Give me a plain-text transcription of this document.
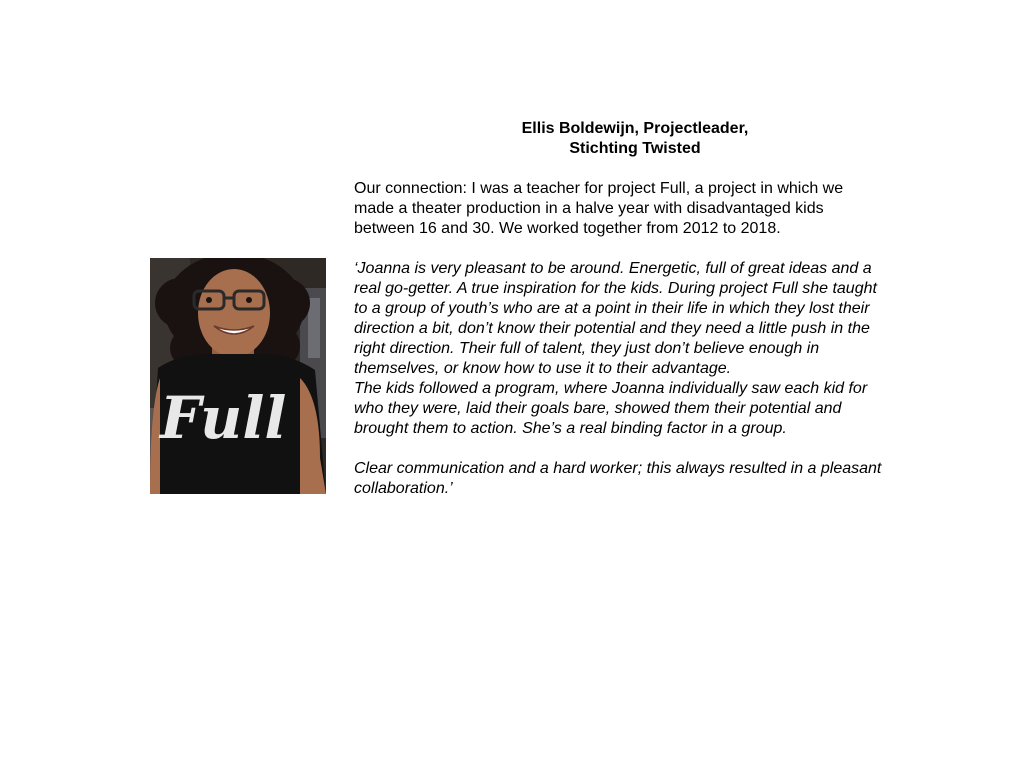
Full
Ellis Boldewijn, Projectleader,
Stichting Twisted

Our connection: I was a teacher for project Full, a project in which we
made a theater production in a halve year with disadvantaged kids
between 16 and 30. We worked together from 2012 to 2018.

‘Joanna is very pleasant to be around. Energetic, full of great ideas and a
real go-getter. A true inspiration for the kids. During project Full she taught
to a group of youth’s who are at a point in their life in which they lost their
direction a bit, don’t know their potential and they need a little push in the
right direction. Their full of talent, they just don’t believe enough in
themselves, or know how to use it to their advantage.
The kids followed a program, where Joanna individually saw each kid for
who they were, laid their goals bare, showed them their potential and
brought them to action. She’s a real binding factor in a group.

Clear communication and a hard worker; this always resulted in a pleasant
collaboration.’
